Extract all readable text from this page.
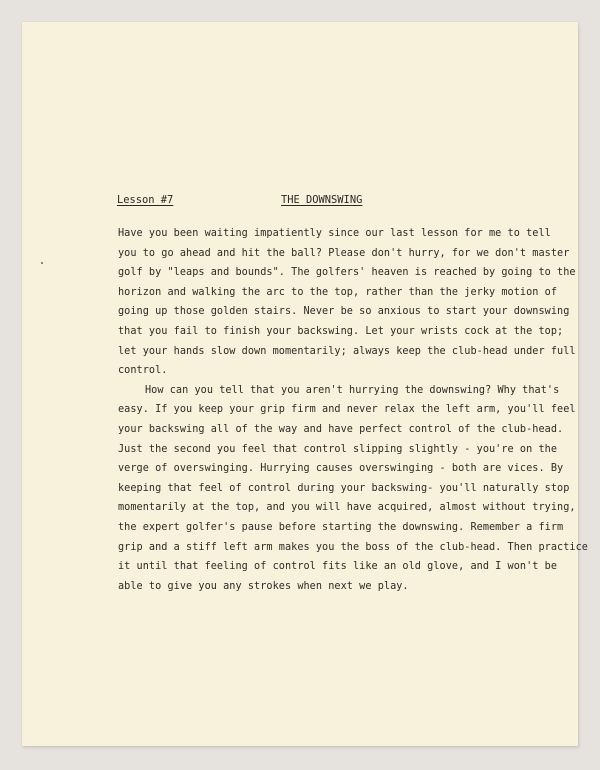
Lesson #7	THE DOWNSWING
Have you been waiting impatiently since our last lesson for me to tell
you to go ahead and hit the ball? Please don't hurry, for we don't master
golf by "leaps and bounds". The golfers' heaven is reached by going to the
horizon and walking the arc to the top, rather than the jerky motion of
going up those golden stairs. Never be so anxious to start your downswing
that you fail to finish your backswing. Let your wrists cock at the top;
let your hands slow down momentarily; always keep the club-head under full
control.
How can you tell that you aren't hurrying the downswing? Why that's
easy. If you keep your grip firm and never relax the left arm, you'll feel
your backswing all of the way and have perfect control of the club-head.
Just the second you feel that control slipping slightly - you're on the
verge of overswinging. Hurrying causes overswinging - both are vices. By
keeping that feel of control during your backswing- you'll naturally stop
momentarily at the top, and you will have acquired, almost without trying,
the expert golfer's pause before starting the downswing. Remember a firm
grip and a stiff left arm makes you the boss of the club-head. Then practice
it until that feeling of control fits like an old glove, and I won't be
able to give you any strokes when next we play.
